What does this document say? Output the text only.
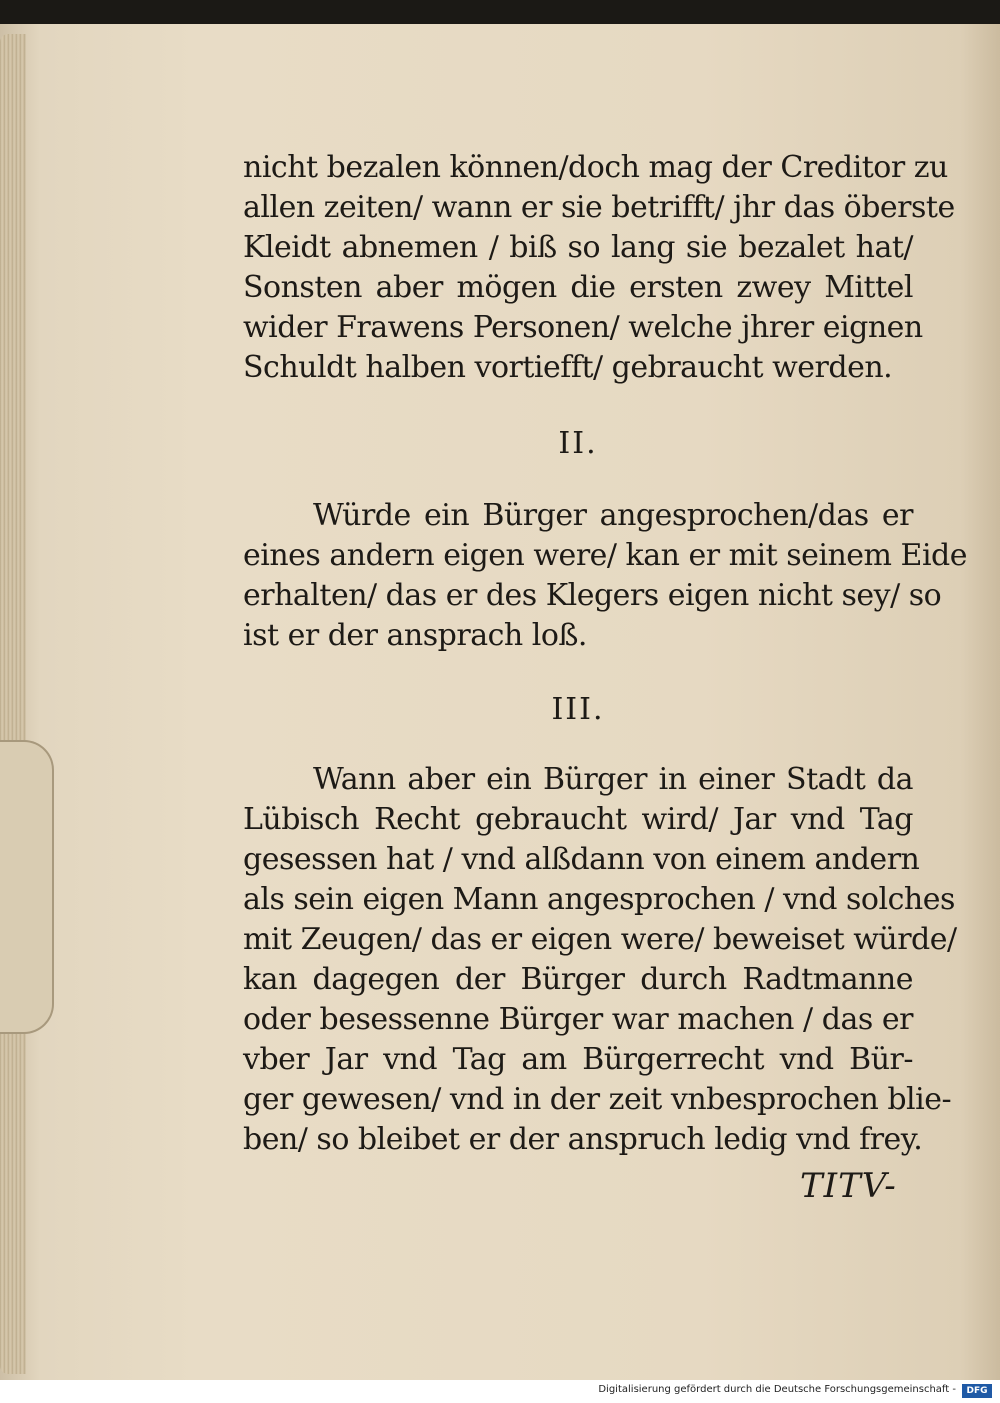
nicht bezalen können/doch mag der Creditor zu
allen zeiten/ wann er sie betrifft/ jhr das öberste
Kleidt abnemen / biß so lang sie bezalet hat/
Sonsten aber mögen die ersten zwey Mittel
wider Frawens Personen/ welche jhrer eignen
Schuldt halben vortiefft/ gebraucht werden.
II.
Würde ein Bürger angesprochen/das er
eines andern eigen were/ kan er mit seinem Eide
erhalten/ das er des Klegers eigen nicht sey/ so
ist er der ansprach loß.
III.
Wann aber ein Bürger in einer Stadt da
Lübisch Recht gebraucht wird/ Jar vnd Tag
gesessen hat / vnd alßdann von einem andern
als sein eigen Mann angesprochen / vnd solches
mit Zeugen/ das er eigen were/ beweiset würde/
kan dagegen der Bürger durch Radtmanne
oder besessenne Bürger war machen / das er
vber Jar vnd Tag am Bürgerrecht vnd Bür-
ger gewesen/ vnd in der zeit vnbesprochen blie-
ben/ so bleibet er der anspruch ledig vnd frey.
TITV-
Digitalisierung gefördert durch die Deutsche Forschungsgemeinschaft -	DFG
